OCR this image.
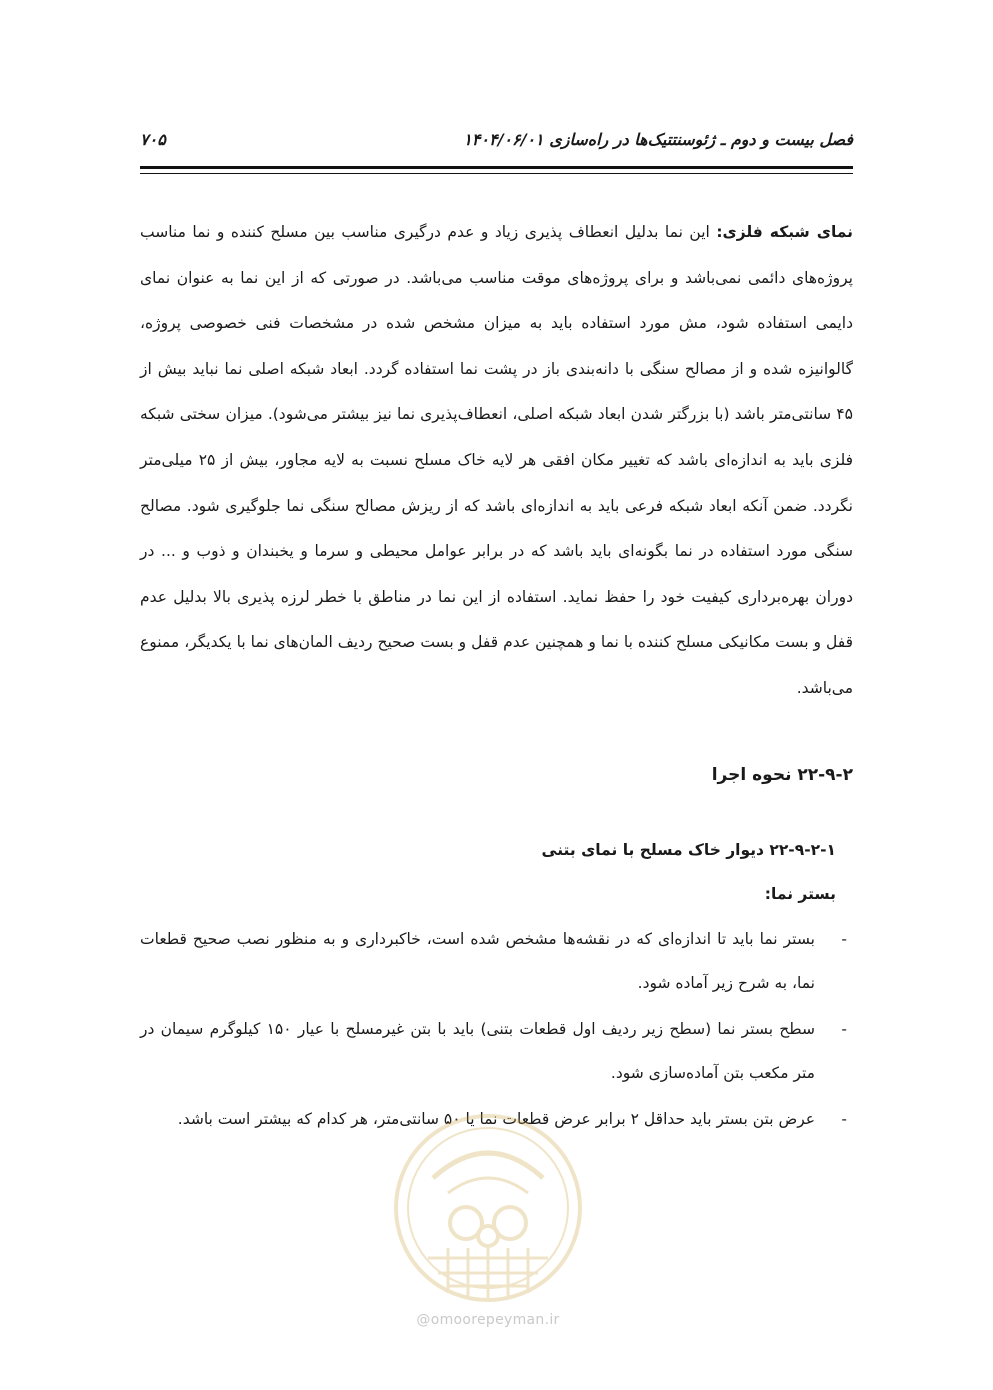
فصل بیست و دوم ـ ژئوسنتتیک‌ها در راه‌سازی ۱۴۰۴/۰۶/۰۱
۷۰۵

نمای شبکه فلزی: این نما بدلیل انعطاف پذیری زیاد و عدم درگیری مناسب بین مسلح کننده و نما مناسب پروژه‌های دائمی نمی‌باشد و برای پروژه‌های موقت مناسب می‌باشد. در صورتی که از این نما به عنوان نمای دایمی استفاده شود، مش مورد استفاده باید به میزان مشخص شده در مشخصات فنی خصوصی پروژه، گالوانیزه شده و از مصالح سنگی با دانه‌بندی باز در پشت نما استفاده گردد. ابعاد شبکه اصلی نما نباید بیش از ۴۵ سانتی‌متر باشد (با بزرگتر شدن ابعاد شبکه اصلی، انعطاف‌پذیری نما نیز بیشتر می‌شود). میزان سختی شبکه فلزی باید به اندازه‌ای باشد که تغییر مکان افقی هر لایه خاک مسلح نسبت به لایه مجاور، بیش از ۲۵ میلی‌متر نگردد. ضمن آنکه ابعاد شبکه فرعی باید به اندازه‌ای باشد که از ریزش مصالح سنگی نما جلوگیری شود. مصالح سنگی مورد استفاده در نما بگونه‌ای باید باشد که در برابر عوامل محیطی و سرما و یخبندان و ذوب و ... در دوران بهره‌برداری کیفیت خود را حفظ نماید. استفاده از این نما در مناطق با خطر لرزه پذیری بالا بدلیل عدم قفل و بست مکانیکی مسلح کننده با نما و همچنین عدم قفل و بست صحیح ردیف المان‌های نما با یکدیگر، ممنوع می‌باشد.

۲۲-۹-۲ نحوه اجرا
۲۲-۹-۲-۱ دیوار خاک مسلح با نمای بتنی
بستر نما:
-
بستر نما باید تا اندازه‌ای که در نقشه‌ها مشخص شده است، خاکبرداری و به منظور نصب صحیح قطعات نما، به شرح زیر آماده شود.
-
سطح بستر نما (سطح زیر ردیف اول قطعات بتنی) باید با بتن غیرمسلح با عیار ۱۵۰ کیلوگرم سیمان در متر مکعب بتن آماده‌سازی شود.
-
عرض بتن بستر باید حداقل ۲ برابر عرض قطعات نما یا ۵۰ سانتی‌متر، هر کدام که بیشتر است باشد.
@omoorepeyman.ir
